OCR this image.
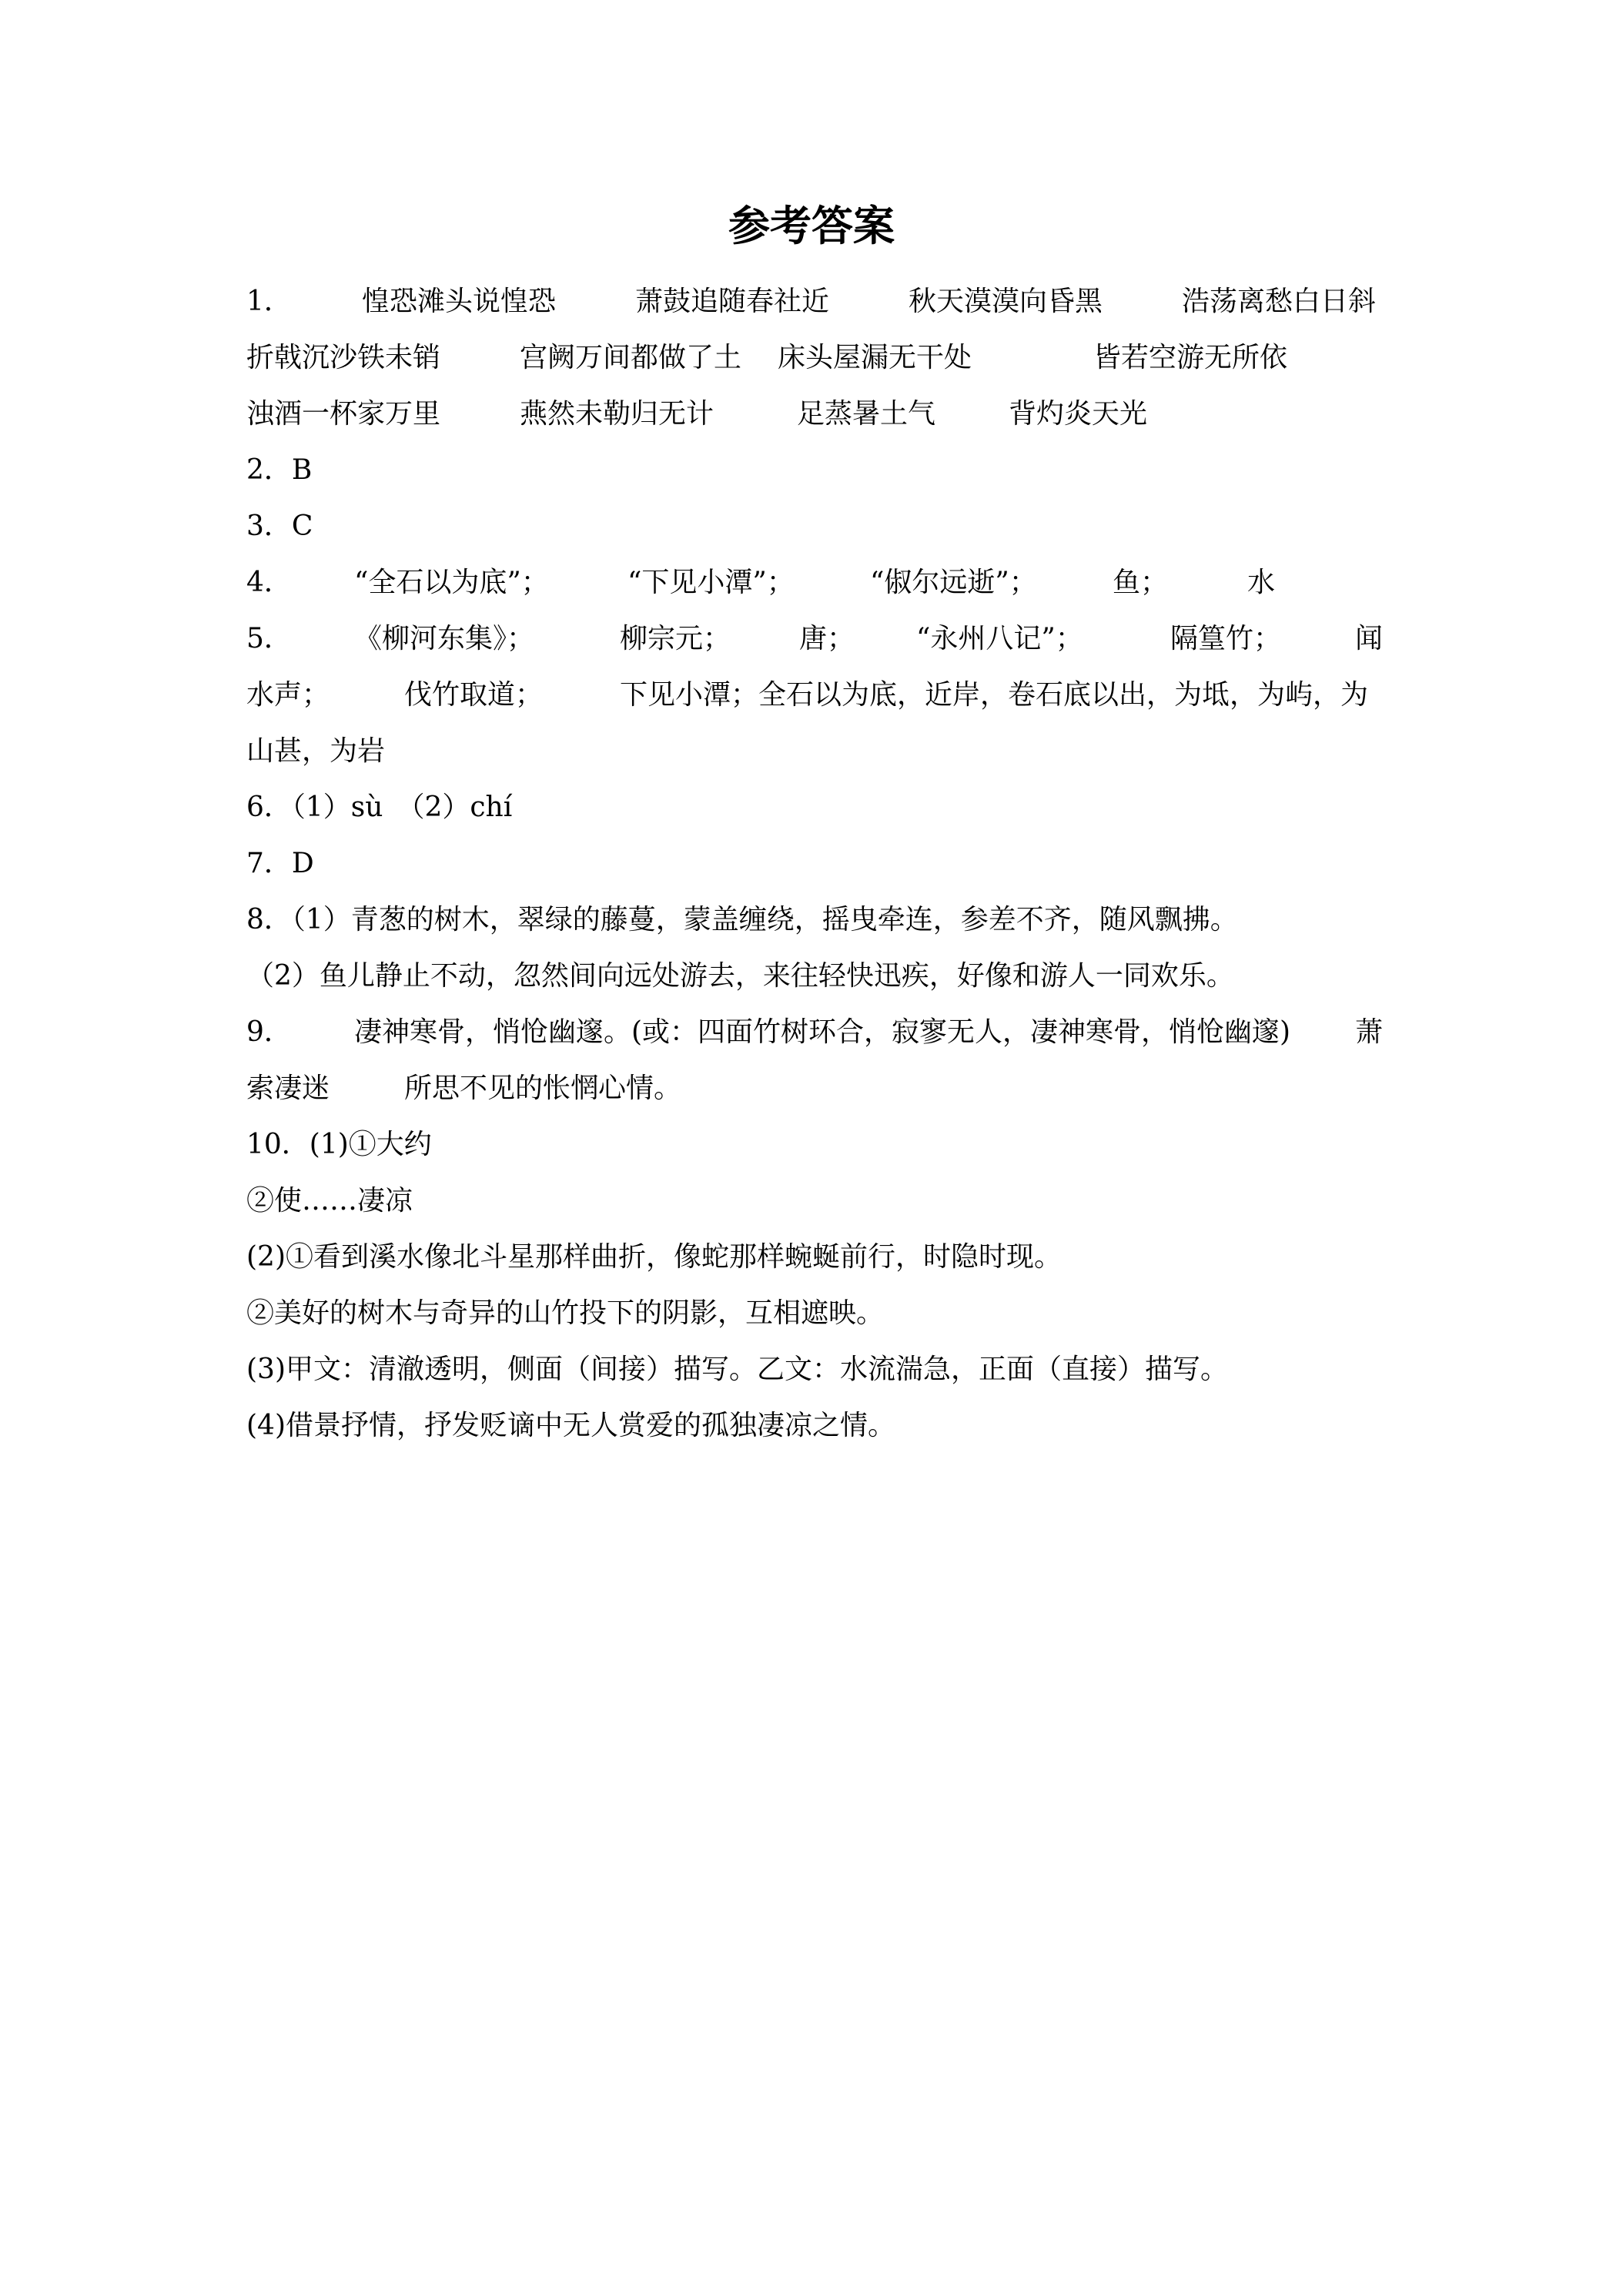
参考答案
1．	惶恐滩头说惶恐	萧鼓追随春社近	秋天漠漠向昏黑	浩荡离愁白日斜
折戟沉沙铁未销	宫阙万间都做了土 床头屋漏无干处	皆若空游无所依
浊酒一杯家万里	燕然未勒归无计	足蒸暑土气	背灼炎天光
2．B
3．C
4． “全石以为底”；	“下见小潭”；	“俶尔远逝”；	鱼；	水
5． 《柳河东集》；	柳宗元； 唐； “永州八记”；	隔篁竹；	闻
水声；	伐竹取道；	下见小潭；全石以为底，近岸，卷石底以出，为坻，为屿，为
山甚，为岩
6．（1）sù　（2）chí
7．D
8．（1）青葱的树木，翠绿的藤蔓，蒙盖缠绕，摇曳牵连，参差不齐，随风飘拂。
（2）鱼儿静止不动，忽然间向远处游去，来往轻快迅疾，好像和游人一同欢乐。
9． 凄神寒骨，悄怆幽邃。(或：四面竹树环合，寂寥无人，凄神寒骨，悄怆幽邃) 萧
索凄迷	所思不见的怅惘心情。
10．(1)①大约
②使……凄凉
(2)①看到溪水像北斗星那样曲折，像蛇那样蜿蜒前行，时隐时现。
②美好的树木与奇异的山竹投下的阴影，互相遮映。
(3)甲文：清澈透明，侧面（间接）描写。乙文：水流湍急，正面（直接）描写。
(4)借景抒情，抒发贬谪中无人赏爱的孤独凄凉之情。
